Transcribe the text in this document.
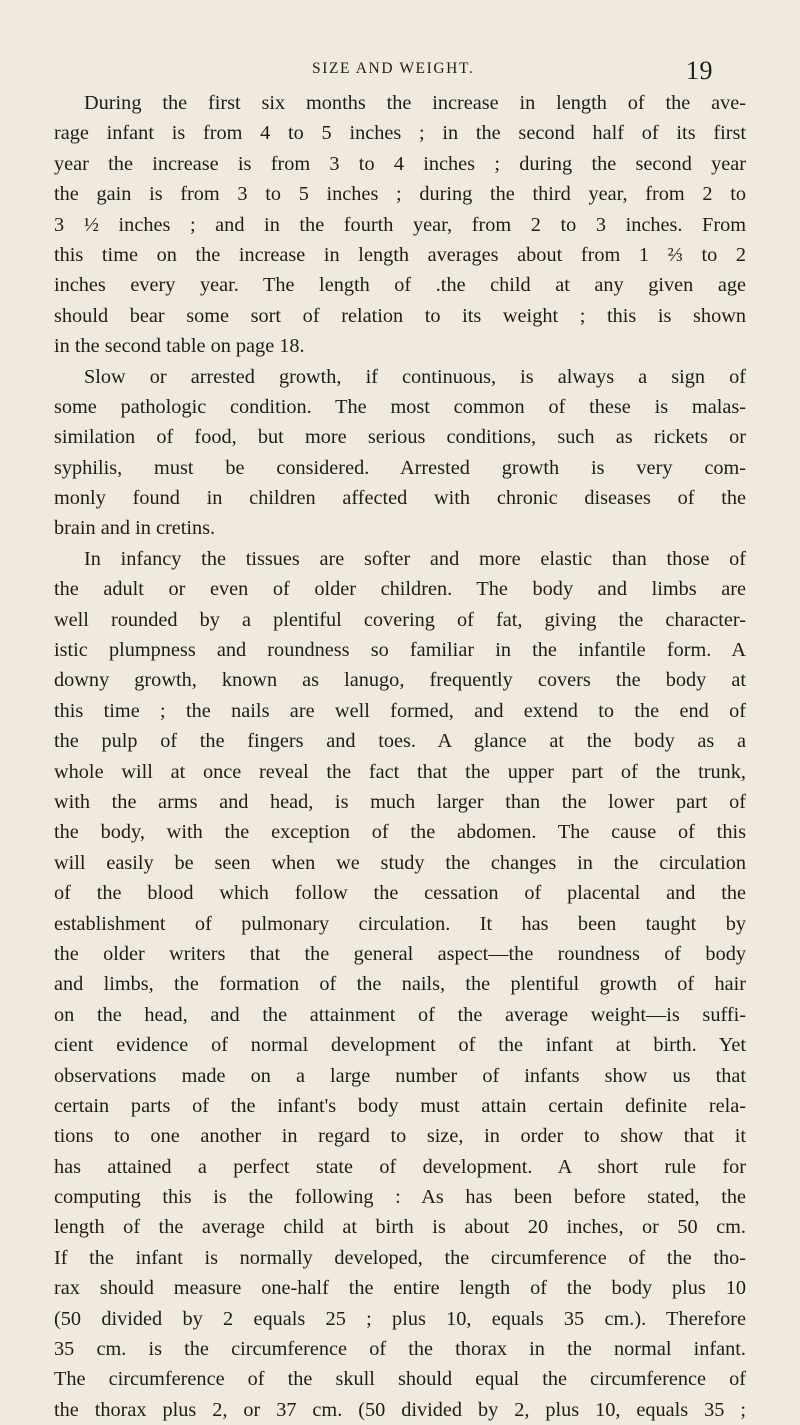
SIZE AND WEIGHT.	19
During the first six months the increase in length of the ave-
rage infant is from 4 to 5 inches ; in the second half of its first
year the increase is from 3 to 4 inches ; during the second year
the gain is from 3 to 5 inches ; during the third year, from 2 to
3 ½ inches ; and in the fourth year, from 2 to 3 inches. From
this time on the increase in length averages about from 1 ⅔ to 2
inches every year. The length of .the child at any given age
should bear some sort of relation to its weight ; this is shown
in the second table on page 18.
Slow or arrested growth, if continuous, is always a sign of
some pathologic condition. The most common of these is malas-
similation of food, but more serious conditions, such as rickets or
syphilis, must be considered. Arrested growth is very com-
monly found in children affected with chronic diseases of the
brain and in cretins.
In infancy the tissues are softer and more elastic than those of
the adult or even of older children. The body and limbs are
well rounded by a plentiful covering of fat, giving the character-
istic plumpness and roundness so familiar in the infantile form. A
downy growth, known as lanugo, frequently covers the body at
this time ; the nails are well formed, and extend to the end of
the pulp of the fingers and toes. A glance at the body as a
whole will at once reveal the fact that the upper part of the trunk,
with the arms and head, is much larger than the lower part of
the body, with the exception of the abdomen. The cause of this
will easily be seen when we study the changes in the circulation
of the blood which follow the cessation of placental and the
establishment of pulmonary circulation. It has been taught by
the older writers that the general aspect—the roundness of body
and limbs, the formation of the nails, the plentiful growth of hair
on the head, and the attainment of the average weight—is suffi-
cient evidence of normal development of the infant at birth. Yet
observations made on a large number of infants show us that
certain parts of the infant's body must attain certain definite rela-
tions to one another in regard to size, in order to show that it
has attained a perfect state of development. A short rule for
computing this is the following : As has been before stated, the
length of the average child at birth is about 20 inches, or 50 cm.
If the infant is normally developed, the circumference of the tho-
rax should measure one-half the entire length of the body plus 10
(50 divided by 2 equals 25 ; plus 10, equals 35 cm.). Therefore
35 cm. is the circumference of the thorax in the normal infant.
The circumference of the skull should equal the circumference of
the thorax plus 2, or 37 cm. (50 divided by 2, plus 10, equals 35 ;
